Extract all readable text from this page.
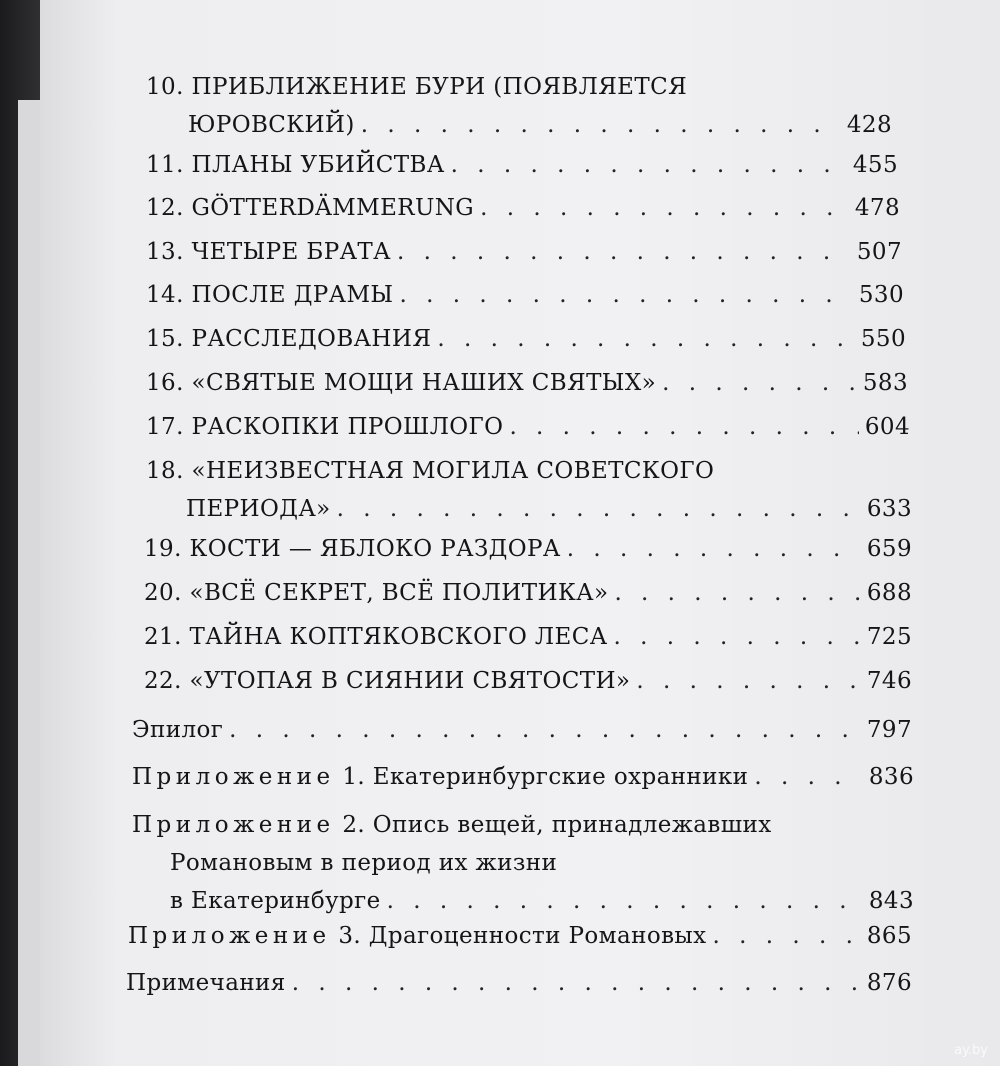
10. ПРИБЛИЖЕНИЕ БУРИ (ПОЯВЛЯЕТСЯ
ЮРОВСКИЙ) . . .	428
11. ПЛАНЫ УБИЙСТВА . . .	455
12. GÖTTERDÄMMERUNG . . .	478
13. ЧЕТЫРЕ БРАТА . . .	507
14. ПОСЛЕ ДРАМЫ . . .	530
15. РАССЛЕДОВАНИЯ . . .	550
16. «СВЯТЫЕ МОЩИ НАШИХ СВЯТЫХ» . . .	583
17. РАСКОПКИ ПРОШЛОГО . . .	604
18. «НЕИЗВЕСТНАЯ МОГИЛА СОВЕТСКОГО
ПЕРИОДА» . . .	633
19. КОСТИ — ЯБЛОКО РАЗДОРА . . .	659
20. «ВСЁ СЕКРЕТ, ВСЁ ПОЛИТИКА» . . .	688
21. ТАЙНА КОПТЯКОВСКОГО ЛЕСА . . .	725
22. «УТОПАЯ В СИЯНИИ СВЯТОСТИ» . . .	746
Эпилог . . .	797
Приложение 1. Екатеринбургские охранники . . .	836
Приложение 2. Опись вещей, принадлежавших
Романовым в период их жизни
в Екатеринбурге . . .	843
Приложение 3. Драгоценности Романовых . . .	865
Примечания . . .	876
ay.by
